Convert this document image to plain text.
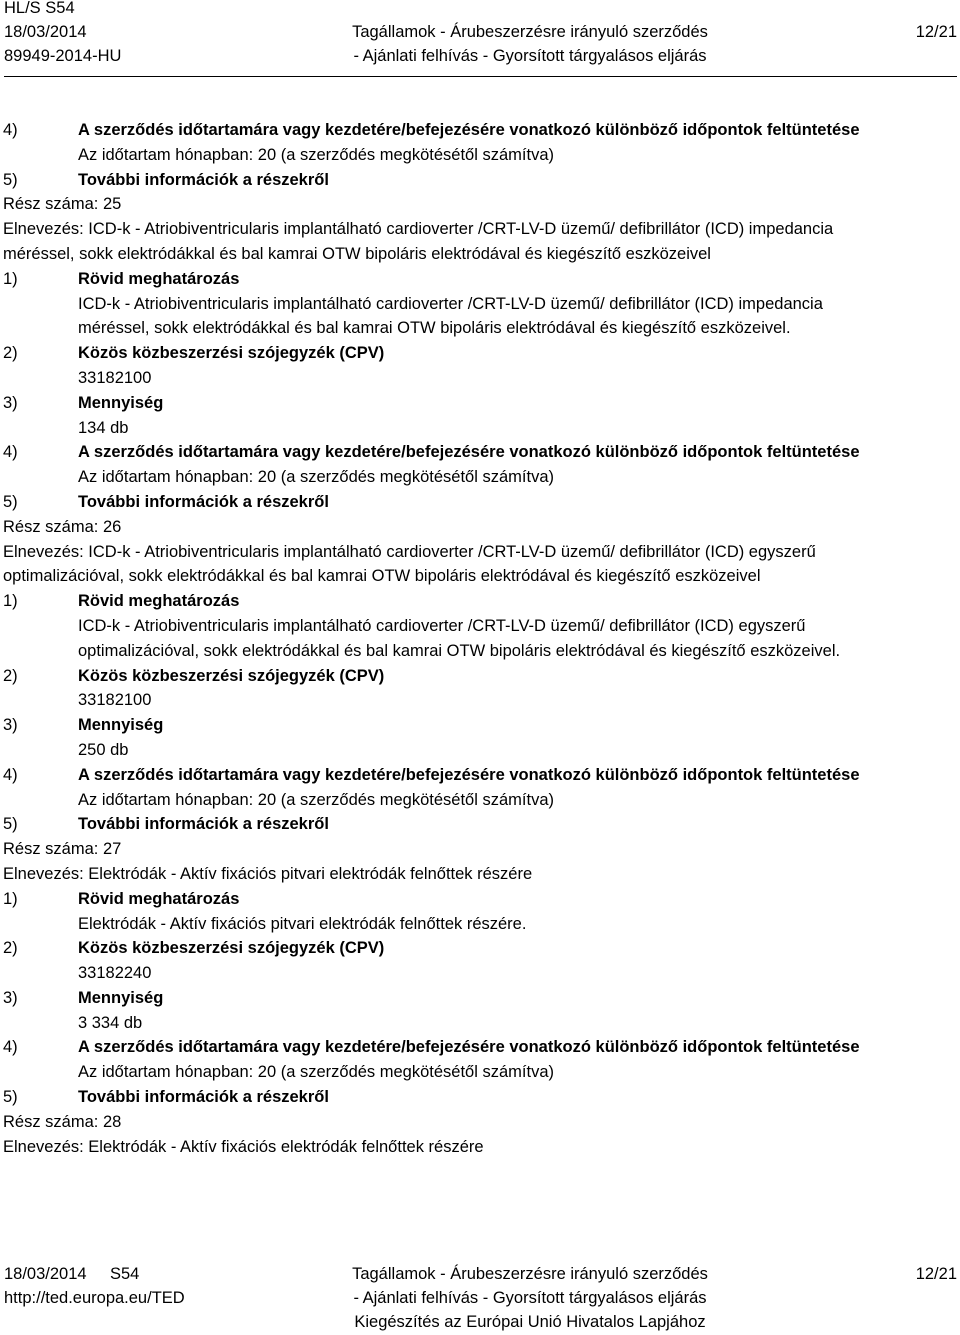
HL/S S54
18/03/2014
89949-2014-HU
Tagállamok - Árubeszerzésre irányuló szerződés
- Ajánlati felhívás - Gyorsított tárgyalásos eljárás
12/21
4)	A szerződés időtartamára vagy kezdetére/befejezésére vonatkozó különböző időpontok feltüntetése
Az időtartam hónapban: 20 (a szerződés megkötésétől számítva)
5)	További információk a részekről
Rész száma: 25
Elnevezés: ICD-k - Atriobiventricularis implantálható cardioverter /CRT-LV-D üzemű/ defibrillátor (ICD) impedancia
méréssel, sokk elektródákkal és bal kamrai OTW bipoláris elektródával és kiegészítő eszközeivel
1)	Rövid meghatározás
ICD-k - Atriobiventricularis implantálható cardioverter /CRT-LV-D üzemű/ defibrillátor (ICD) impedancia
méréssel, sokk elektródákkal és bal kamrai OTW bipoláris elektródával és kiegészítő eszközeivel.
2)	Közös közbeszerzési szójegyzék (CPV)
33182100
3)	Mennyiség
134 db
4)	A szerződés időtartamára vagy kezdetére/befejezésére vonatkozó különböző időpontok feltüntetése
Az időtartam hónapban: 20 (a szerződés megkötésétől számítva)
5)	További információk a részekről
Rész száma: 26
Elnevezés: ICD-k - Atriobiventricularis implantálható cardioverter /CRT-LV-D üzemű/ defibrillátor (ICD) egyszerű
optimalizációval, sokk elektródákkal és bal kamrai OTW bipoláris elektródával és kiegészítő eszközeivel
1)	Rövid meghatározás
ICD-k - Atriobiventricularis implantálható cardioverter /CRT-LV-D üzemű/ defibrillátor (ICD) egyszerű
optimalizációval, sokk elektródákkal és bal kamrai OTW bipoláris elektródával és kiegészítő eszközeivel.
2)	Közös közbeszerzési szójegyzék (CPV)
33182100
3)	Mennyiség
250 db
4)	A szerződés időtartamára vagy kezdetére/befejezésére vonatkozó különböző időpontok feltüntetése
Az időtartam hónapban: 20 (a szerződés megkötésétől számítva)
5)	További információk a részekről
Rész száma: 27
Elnevezés: Elektródák - Aktív fixációs pitvari elektródák felnőttek részére
1)	Rövid meghatározás
Elektródák - Aktív fixációs pitvari elektródák felnőttek részére.
2)	Közös közbeszerzési szójegyzék (CPV)
33182240
3)	Mennyiség
3 334 db
4)	A szerződés időtartamára vagy kezdetére/befejezésére vonatkozó különböző időpontok feltüntetése
Az időtartam hónapban: 20 (a szerződés megkötésétől számítva)
5)	További információk a részekről
Rész száma: 28
Elnevezés: Elektródák - Aktív fixációs elektródák felnőttek részére
18/03/2014 S54
http://ted.europa.eu/TED
Tagállamok - Árubeszerzésre irányuló szerződés
- Ajánlati felhívás - Gyorsított tárgyalásos eljárás
Kiegészítés az Európai Unió Hivatalos Lapjához
12/21
